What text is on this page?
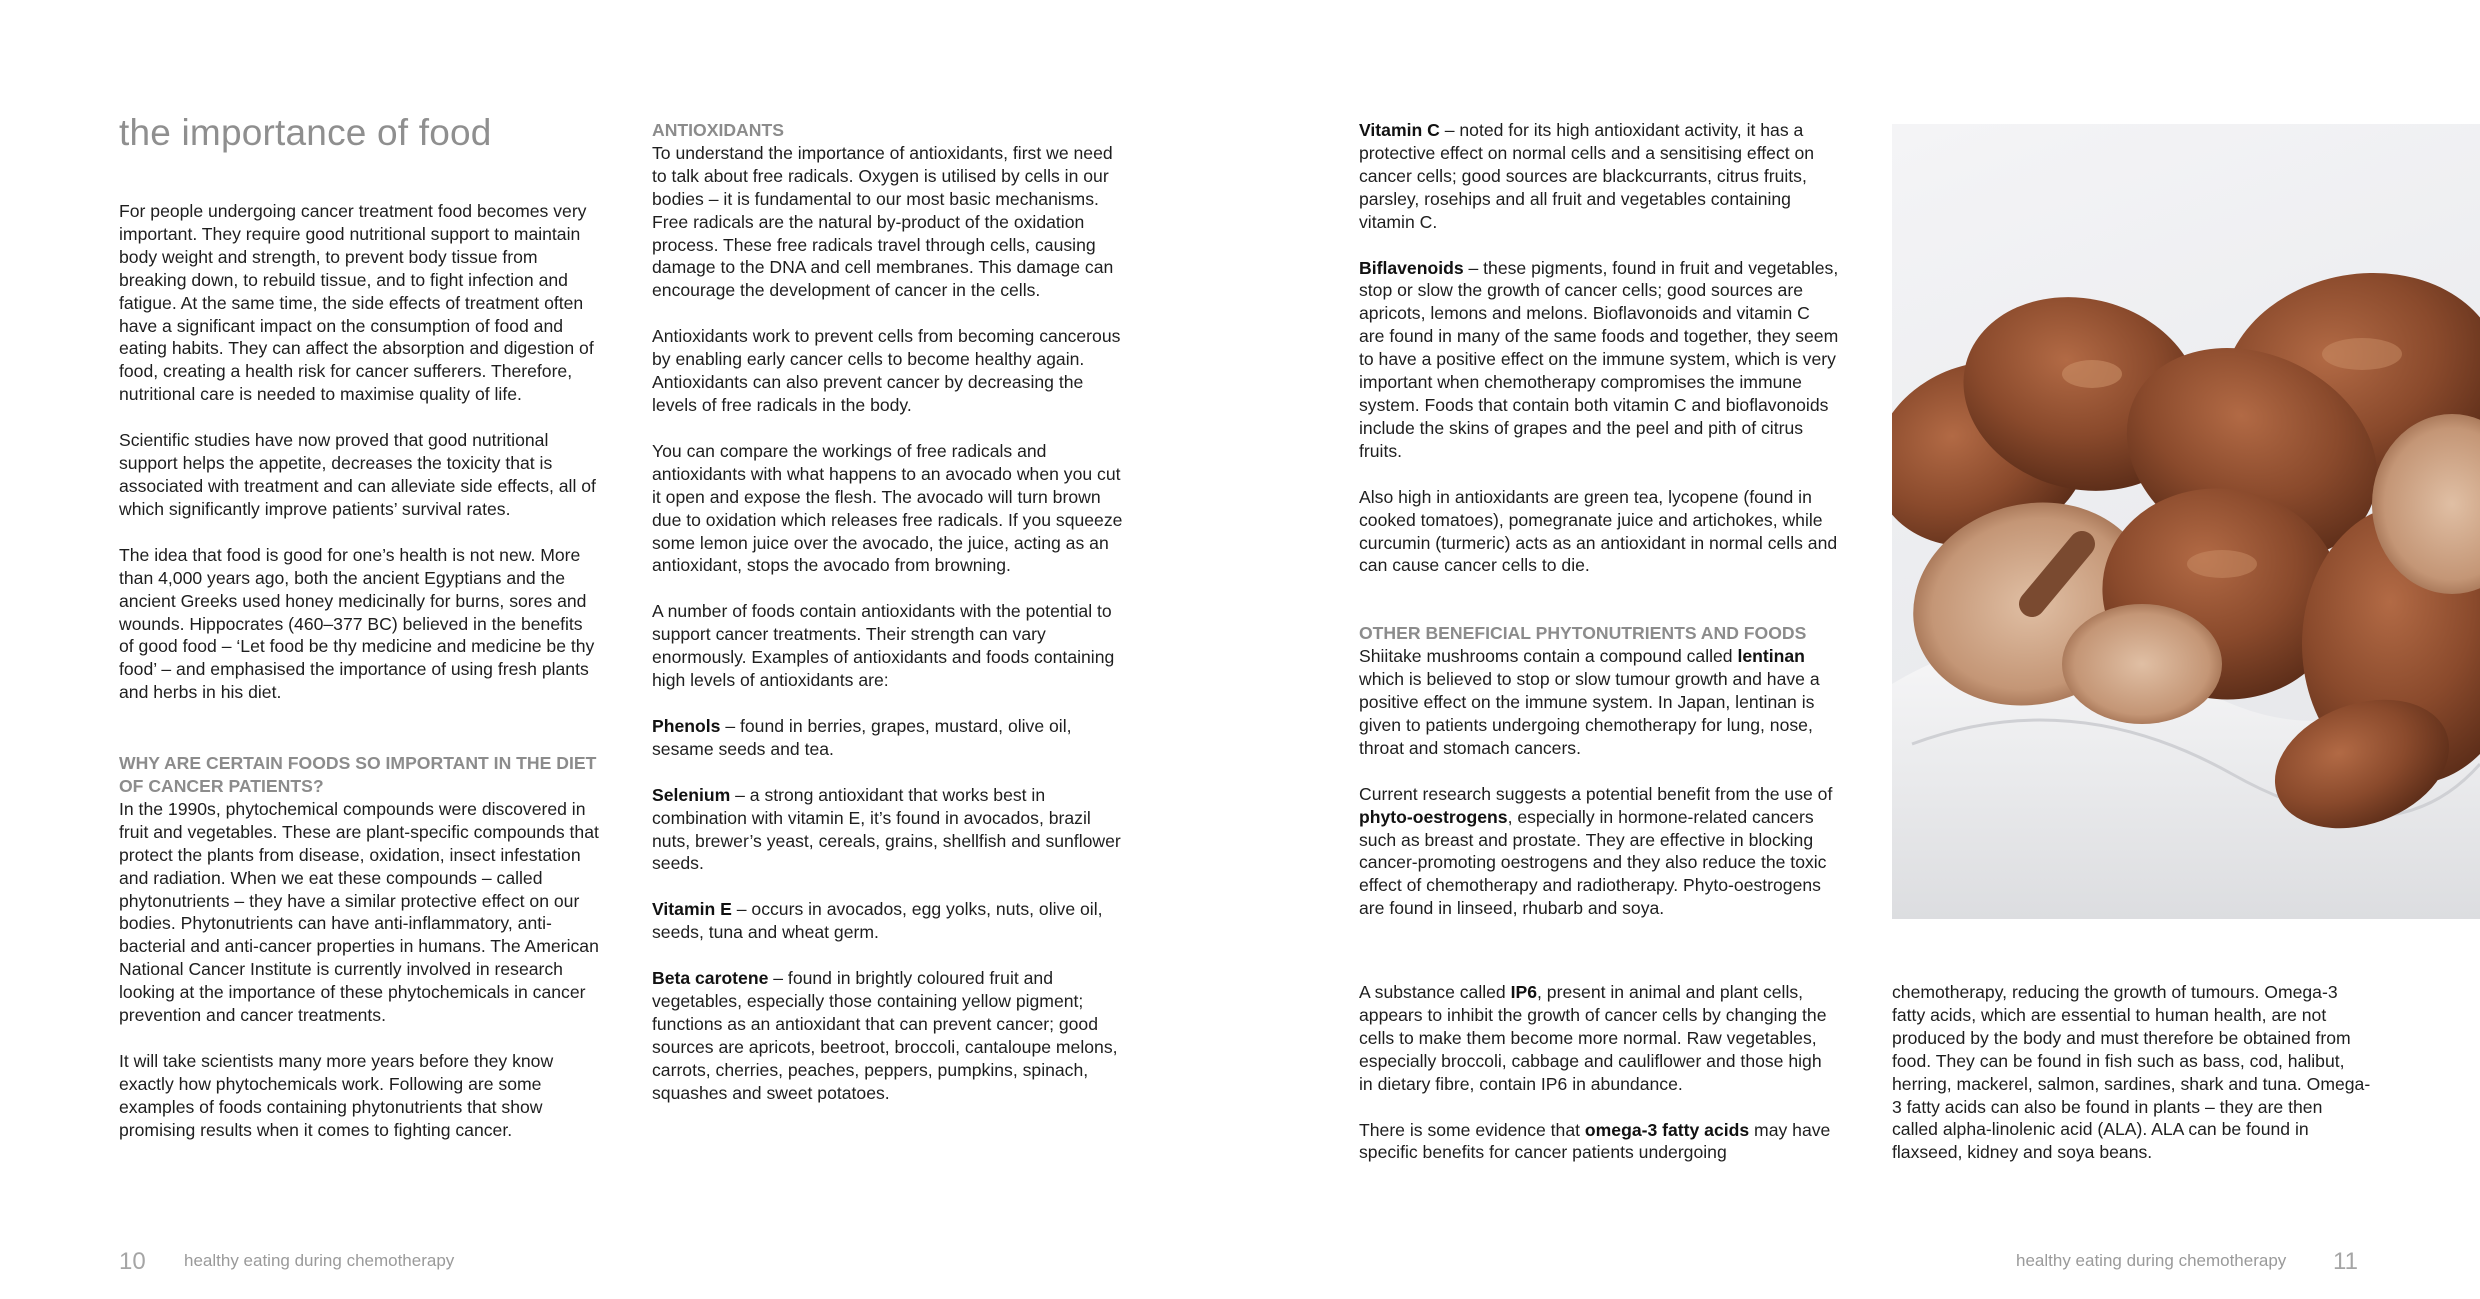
the importance of food

For people undergoing cancer treatment food becomes very important. They require good nutritional support to maintain body weight and strength, to prevent body tissue from breaking down, to rebuild tissue, and to fight infection and fatigue. At the same time, the side effects of treatment often have a significant impact on the consumption of food and eating habits. They can affect the absorption and digestion of food, creating a health risk for cancer sufferers. Therefore, nutritional care is needed to maximise quality of life.

Scientific studies have now proved that good nutritional support helps the appetite, decreases the toxicity that is associated with treatment and can alleviate side effects, all of which significantly improve patients’ survival rates.

The idea that food is good for one’s health is not new. More than 4,000 years ago, both the ancient Egyptians and the ancient Greeks used honey medicinally for burns, sores and wounds. Hippocrates (460–377 BC) believed in the benefits of good food – ‘Let food be thy medicine and medicine be thy food’ – and emphasised the importance of using fresh plants and herbs in his diet.

WHY ARE CERTAIN FOODS SO IMPORTANT IN THE DIET OF CANCER PATIENTS?

In the 1990s, phytochemical compounds were discovered in fruit and vegetables. These are plant-specific compounds that protect the plants from disease, oxidation, insect infestation and radiation. When we eat these compounds – called phytonutrients – they have a similar protective effect on our bodies. Phytonutrients can have anti-inflammatory, anti-bacterial and anti-cancer properties in humans. The American National Cancer Institute is currently involved in research looking at the importance of these phytochemicals in cancer prevention and cancer treatments.

It will take scientists many more years before they know exactly how phytochemicals work. Following are some examples of foods containing phytonutrients that show promising results when it comes to fighting cancer.

ANTIOXIDANTS

To understand the importance of antioxidants, first we need to talk about free radicals. Oxygen is utilised by cells in our bodies – it is fundamental to our most basic mechanisms. Free radicals are the natural by-product of the oxidation process. These free radicals travel through cells, causing damage to the DNA and cell membranes. This damage can encourage the development of cancer in the cells.

Antioxidants work to prevent cells from becoming cancerous by enabling early cancer cells to become healthy again. Antioxidants can also prevent cancer by decreasing the levels of free radicals in the body.

You can compare the workings of free radicals and antioxidants with what happens to an avocado when you cut it open and expose the flesh. The avocado will turn brown due to oxidation which releases free radicals. If you squeeze some lemon juice over the avocado, the juice, acting as an antioxidant, stops the avocado from browning.

A number of foods contain antioxidants with the potential to support cancer treatments. Their strength can vary enormously. Examples of antioxidants and foods containing high levels of antioxidants are:

Phenols – found in berries, grapes, mustard, olive oil, sesame seeds and tea.

Selenium – a strong antioxidant that works best in combination with vitamin E, it’s found in avocados, brazil nuts, brewer’s yeast, cereals, grains, shellfish and sunflower seeds.

Vitamin E – occurs in avocados, egg yolks, nuts, olive oil, seeds, tuna and wheat germ.

Beta carotene – found in brightly coloured fruit and vegetables, especially those containing yellow pigment; functions as an antioxidant that can prevent cancer; good sources are apricots, beetroot, broccoli, cantaloupe melons, carrots, cherries, peaches, peppers, pumpkins, spinach, squashes and sweet potatoes.

10 healthy eating during chemotherapy

Vitamin C – noted for its high antioxidant activity, it has a protective effect on normal cells and a sensitising effect on cancer cells; good sources are blackcurrants, citrus fruits, parsley, rosehips and all fruit and vegetables containing vitamin C.

Biflavenoids – these pigments, found in fruit and vegetables, stop or slow the growth of cancer cells; good sources are apricots, lemons and melons. Bioflavonoids and vitamin C are found in many of the same foods and together, they seem to have a positive effect on the immune system, which is very important when chemotherapy compromises the immune system. Foods that contain both vitamin C and bioflavonoids include the skins of grapes and the peel and pith of citrus fruits.

Also high in antioxidants are green tea, lycopene (found in cooked tomatoes), pomegranate juice and artichokes, while curcumin (turmeric) acts as an antioxidant in normal cells and can cause cancer cells to die.

OTHER BENEFICIAL PHYTONUTRIENTS AND FOODS

Shiitake mushrooms contain a compound called lentinan which is believed to stop or slow tumour growth and have a positive effect on the immune system. In Japan, lentinan is given to patients undergoing chemotherapy for lung, nose, throat and stomach cancers.

Current research suggests a potential benefit from the use of phyto-oestrogens, especially in hormone-related cancers such as breast and prostate. They are effective in blocking cancer-promoting oestrogens and they also reduce the toxic effect of chemotherapy and radiotherapy. Phyto-oestrogens are found in linseed, rhubarb and soya.

A substance called IP6, present in animal and plant cells, appears to inhibit the growth of cancer cells by changing the cells to make them become more normal. Raw vegetables, especially broccoli, cabbage and cauliflower and those high in dietary fibre, contain IP6 in abundance.

There is some evidence that omega-3 fatty acids may have specific benefits for cancer patients undergoing

chemotherapy, reducing the growth of tumours. Omega-3 fatty acids, which are essential to human health, are not produced by the body and must therefore be obtained from food. They can be found in fish such as bass, cod, halibut, herring, mackerel, salmon, sardines, shark and tuna. Omega-3 fatty acids can also be found in plants – they are then called alpha-linolenic acid (ALA). ALA can be found in flaxseed, kidney and soya beans.

healthy eating during chemotherapy 11
